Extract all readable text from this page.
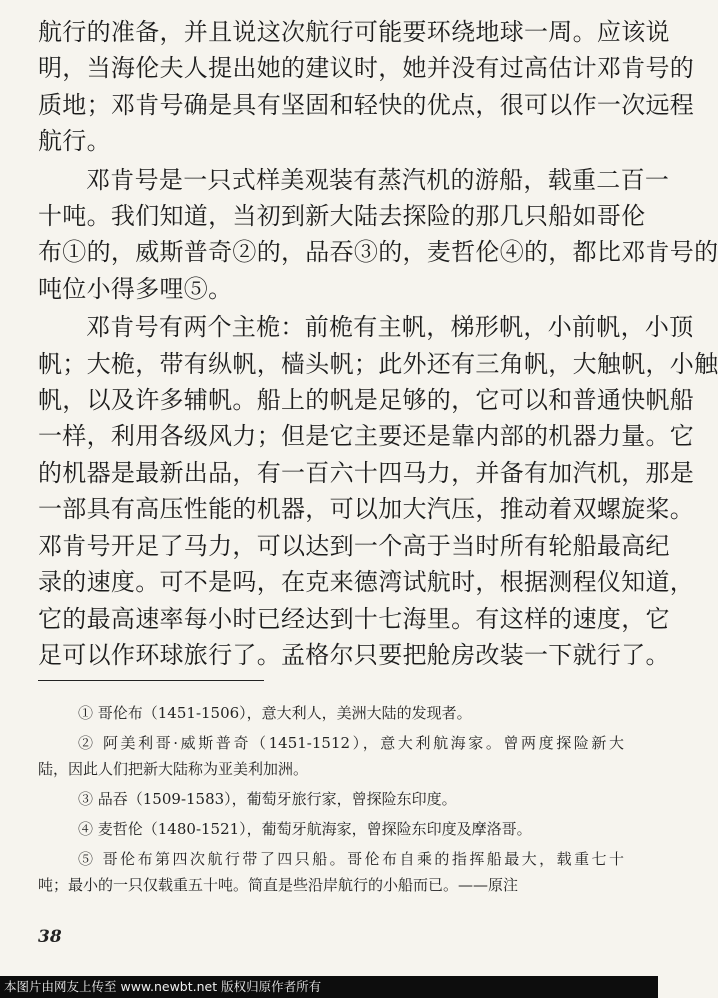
航行的准备，并且说这次航行可能要环绕地球一周。应该说
明，当海伦夫人提出她的建议时，她并没有过高估计邓肯号的
质地；邓肯号确是具有坚固和轻快的优点，很可以作一次远程
航行。

邓肯号是一只式样美观装有蒸汽机的游船，载重二百一
十吨。我们知道，当初到新大陆去探险的那几只船如哥伦
布①的，威斯普奇②的，品吞③的，麦哲伦④的，都比邓肯号的
吨位小得多哩⑤。

邓肯号有两个主桅：前桅有主帆，梯形帆，小前帆，小顶
帆；大桅，带有纵帆，樯头帆；此外还有三角帆，大触帆，小触
帆，以及许多辅帆。船上的帆是足够的，它可以和普通快帆船
一样，利用各级风力；但是它主要还是靠内部的机器力量。它
的机器是最新出品，有一百六十四马力，并备有加汽机，那是
一部具有高压性能的机器，可以加大汽压，推动着双螺旋桨。
邓肯号开足了马力，可以达到一个高于当时所有轮船最高纪
录的速度。可不是吗，在克来德湾试航时，根据测程仪知道，
它的最高速率每小时已经达到十七海里。有这样的速度，它
足可以作环球旅行了。孟格尔只要把舱房改装一下就行了。

① 哥伦布（1451-1506），意大利人，美洲大陆的发现者。
② 阿美利哥·威斯普奇（1451-1512），意大利航海家。曾两度探险新大
陆，因此人们把新大陆称为亚美利加洲。
③ 品吞（1509-1583），葡萄牙旅行家，曾探险东印度。
④ 麦哲伦（1480-1521），葡萄牙航海家，曾探险东印度及摩洛哥。
⑤ 哥伦布第四次航行带了四只船。哥伦布自乘的指挥船最大，载重七十
吨；最小的一只仅载重五十吨。简直是些沿岸航行的小船而已。——原注
38
本图片由网友上传至 www.newbt.net 版权归原作者所有
